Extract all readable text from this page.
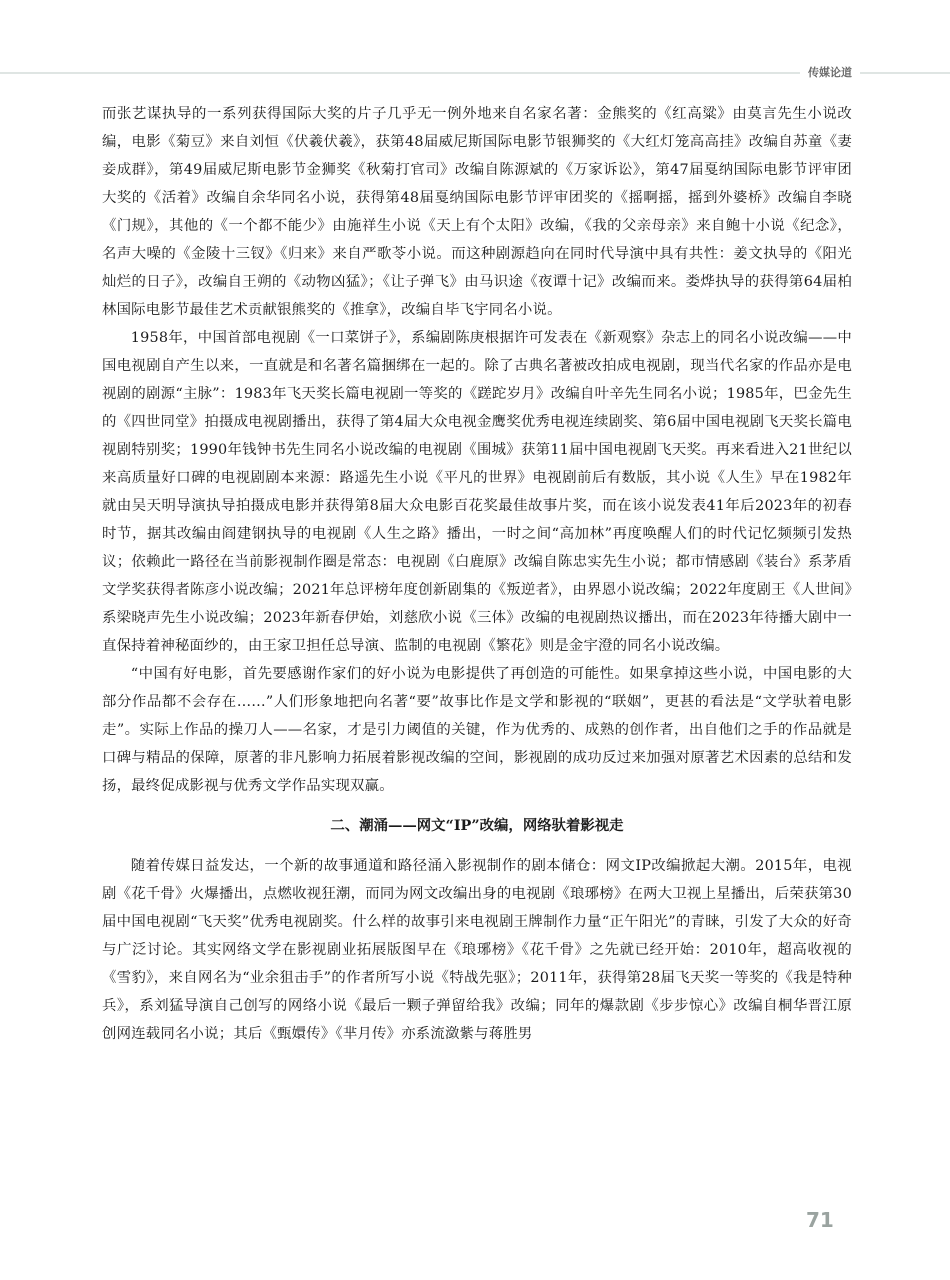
传媒论道

而张艺谋执导的一系列获得国际大奖的片子几乎无一例外地来自名家名著：金熊奖的《红高粱》由莫言先生小说改编，电影《菊豆》来自刘恒《伏羲伏羲》，获第48届威尼斯国际电影节银狮奖的《大红灯笼高高挂》改编自苏童《妻妾成群》，第49届威尼斯电影节金狮奖《秋菊打官司》改编自陈源斌的《万家诉讼》，第47届戛纳国际电影节评审团大奖的《活着》改编自余华同名小说，获得第48届戛纳国际电影节评审团奖的《摇啊摇，摇到外婆桥》改编自李晓《门规》，其他的《一个都不能少》由施祥生小说《天上有个太阳》改编，《我的父亲母亲》来自鲍十小说《纪念》，名声大噪的《金陵十三钗》《归来》来自严歌苓小说。而这种剧源趋向在同时代导演中具有共性：姜文执导的《阳光灿烂的日子》，改编自王朔的《动物凶猛》；《让子弹飞》由马识途《夜谭十记》改编而来。娄烨执导的获得第64届柏林国际电影节最佳艺术贡献银熊奖的《推拿》，改编自毕飞宇同名小说。

1958年，中国首部电视剧《一口菜饼子》，系编剧陈庚根据许可发表在《新观察》杂志上的同名小说改编——中国电视剧自产生以来，一直就是和名著名篇捆绑在一起的。除了古典名著被改拍成电视剧，现当代名家的作品亦是电视剧的剧源“主脉”：1983年飞天奖长篇电视剧一等奖的《蹉跎岁月》改编自叶辛先生同名小说；1985年，巴金先生的《四世同堂》拍摄成电视剧播出，获得了第4届大众电视金鹰奖优秀电视连续剧奖、第6届中国电视剧飞天奖长篇电视剧特别奖；1990年钱钟书先生同名小说改编的电视剧《围城》获第11届中国电视剧飞天奖。再来看进入21世纪以来高质量好口碑的电视剧剧本来源：路遥先生小说《平凡的世界》电视剧前后有数版，其小说《人生》早在1982年就由吴天明导演执导拍摄成电影并获得第8届大众电影百花奖最佳故事片奖，而在该小说发表41年后2023年的初春时节，据其改编由阎建钢执导的电视剧《人生之路》播出，一时之间“高加林”再度唤醒人们的时代记忆频频引发热议；依赖此一路径在当前影视制作圈是常态：电视剧《白鹿原》改编自陈忠实先生小说；都市情感剧《装台》系茅盾文学奖获得者陈彦小说改编；2021年总评榜年度创新剧集的《叛逆者》，由界恩小说改编；2022年度剧王《人世间》系梁晓声先生小说改编；2023年新春伊始，刘慈欣小说《三体》改编的电视剧热议播出，而在2023年待播大剧中一直保持着神秘面纱的，由王家卫担任总导演、监制的电视剧《繁花》则是金宇澄的同名小说改编。

“中国有好电影，首先要感谢作家们的好小说为电影提供了再创造的可能性。如果拿掉这些小说，中国电影的大部分作品都不会存在……”人们形象地把向名著“要”故事比作是文学和影视的“联姻”，更甚的看法是“文学驮着电影走”。实际上作品的操刀人——名家，才是引力阈值的关键，作为优秀的、成熟的创作者，出自他们之手的作品就是口碑与精品的保障，原著的非凡影响力拓展着影视改编的空间，影视剧的成功反过来加强对原著艺术因素的总结和发扬，最终促成影视与优秀文学作品实现双赢。

二、潮涌——网文“IP”改编，网络驮着影视走

随着传媒日益发达，一个新的故事通道和路径涌入影视制作的剧本储仓：网文IP改编掀起大潮。2015年，电视剧《花千骨》火爆播出，点燃收视狂潮，而同为网文改编出身的电视剧《琅琊榜》在两大卫视上星播出，后荣获第30届中国电视剧“飞天奖”优秀电视剧奖。什么样的故事引来电视剧王牌制作力量“正午阳光”的青睐，引发了大众的好奇与广泛讨论。其实网络文学在影视剧业拓展版图早在《琅琊榜》《花千骨》之先就已经开始：2010年，超高收视的《雪豹》，来自网名为“业余狙击手”的作者所写小说《特战先驱》；2011年，获得第28届飞天奖一等奖的《我是特种兵》，系刘猛导演自己创写的网络小说《最后一颗子弹留给我》改编；同年的爆款剧《步步惊心》改编自桐华晋江原创网连载同名小说；其后《甄嬛传》《芈月传》亦系流潋紫与蒋胜男

71
